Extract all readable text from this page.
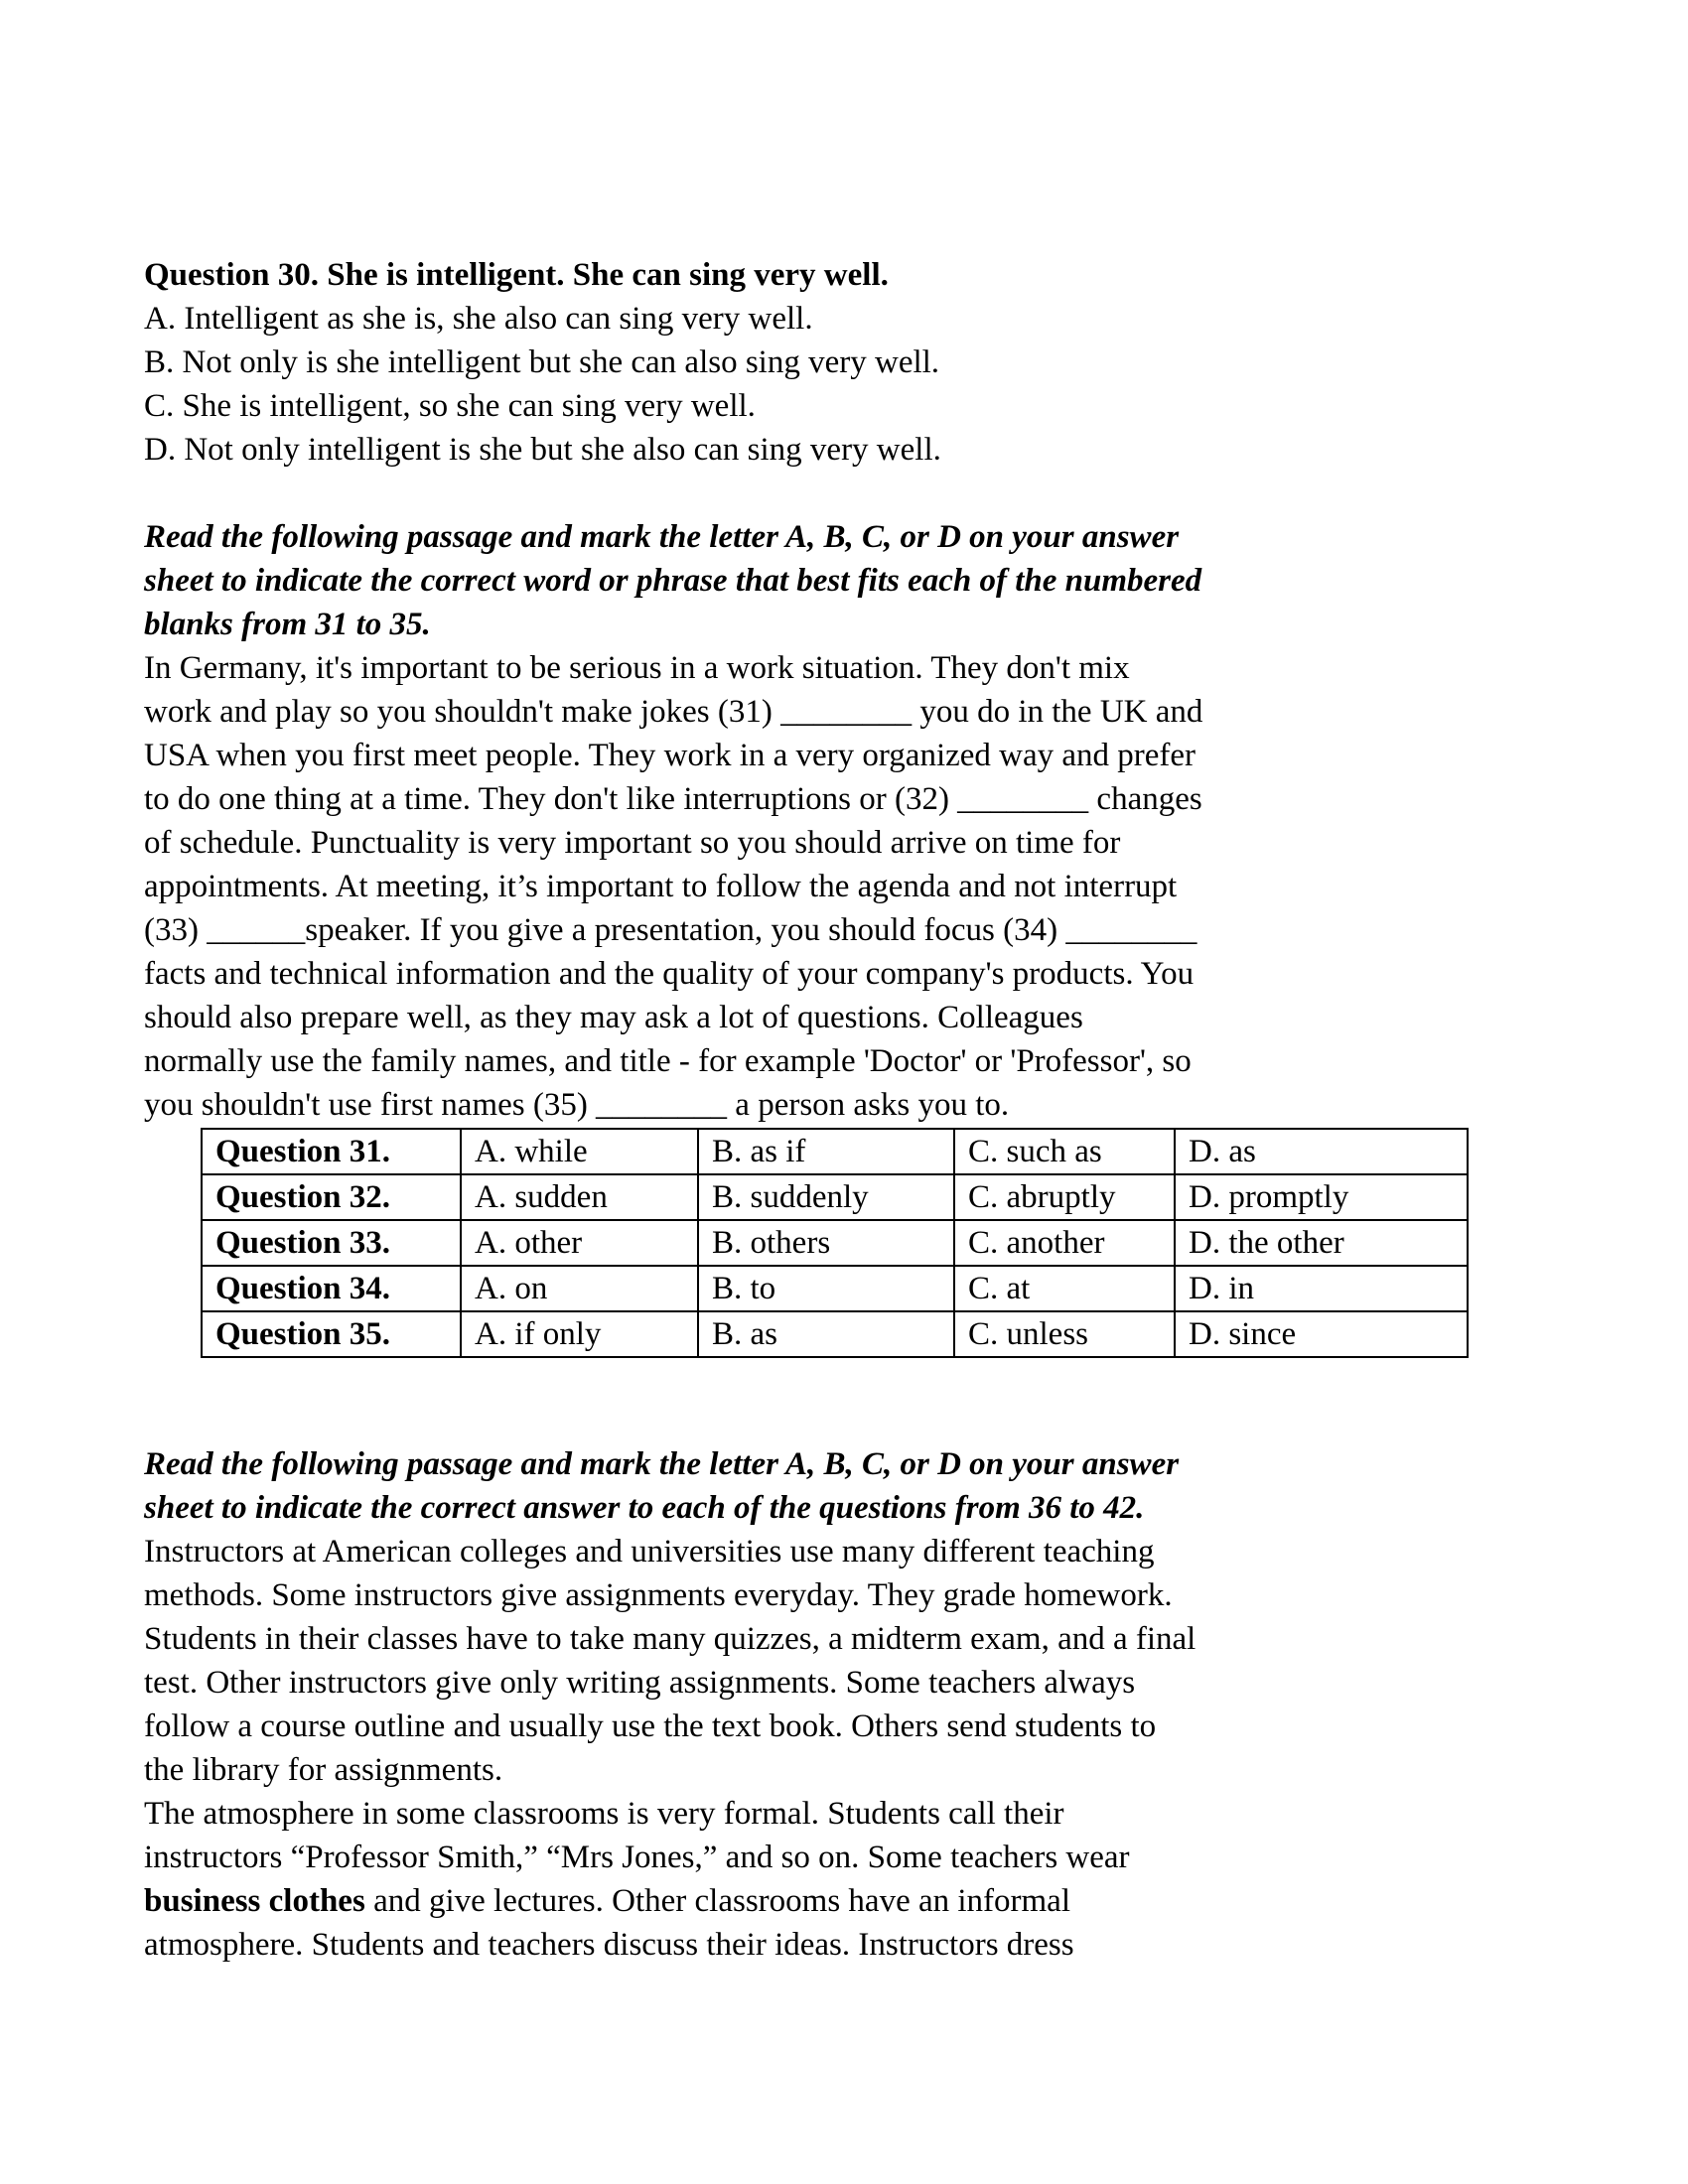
Question 30. She is intelligent. She can sing very well.
A. Intelligent as she is, she also can sing very well.
B. Not only is she intelligent but she can also sing very well.
C. She is intelligent, so she can sing very well.
D. Not only intelligent is she but she also can sing very well.
Read the following passage and mark the letter A, B, C, or D on your answer
sheet to indicate the correct word or phrase that best fits each of the numbered
blanks from 31 to 35.
In Germany, it's important to be serious in a work situation. They don't mix
work and play so you shouldn't make jokes (31) ________ you do in the UK and
USA when you first meet people. They work in a very organized way and prefer
to do one thing at a time. They don't like interruptions or (32) ________ changes
of schedule. Punctuality is very important so you should arrive on time for
appointments. At meeting, it’s important to follow the agenda and not interrupt
(33) ______speaker. If you give a presentation, you should focus (34) ________
facts and technical information and the quality of your company's products. You
should also prepare well, as they may ask a lot of questions. Colleagues
normally use the family names, and title - for example 'Doctor' or 'Professor', so
you shouldn't use first names (35) ________ a person asks you to.
Question 31.	A. while	B. as if	C. such as	D. as
Question 32.	A. sudden	B. suddenly	C. abruptly	D. promptly
Question 33.	A. other	B. others	C. another	D. the other
Question 34.	A. on	B. to	C. at	D. in
Question 35.	A. if only	B. as	C. unless	D. since
Read the following passage and mark the letter A, B, C, or D on your answer
sheet to indicate the correct answer to each of the questions from 36 to 42.
Instructors at American colleges and universities use many different teaching
methods. Some instructors give assignments everyday. They grade homework.
Students in their classes have to take many quizzes, a midterm exam, and a final
test. Other instructors give only writing assignments. Some teachers always
follow a course outline and usually use the text book. Others send students to
the library for assignments.
The atmosphere in some classrooms is very formal. Students call their
instructors “Professor Smith,” “Mrs Jones,” and so on. Some teachers wear
business clothes and give lectures. Other classrooms have an informal
atmosphere. Students and teachers discuss their ideas. Instructors dress
